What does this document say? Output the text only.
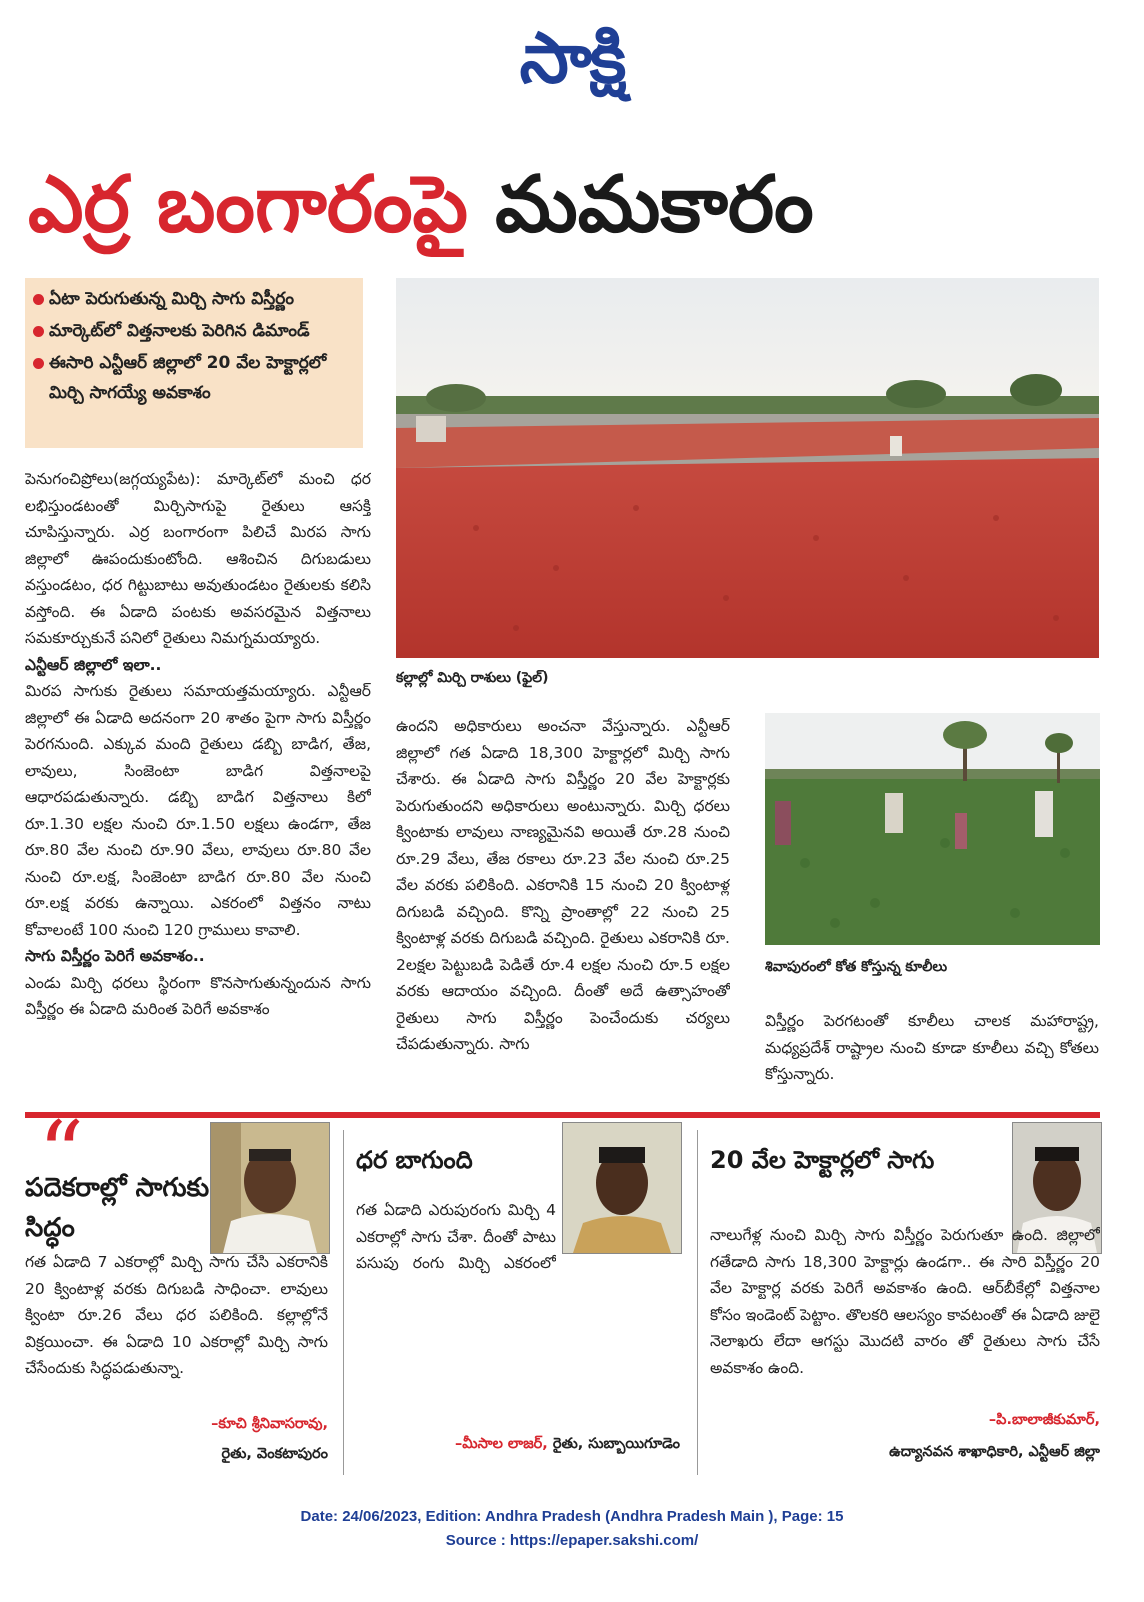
సాక్షి
ఎర్ర బంగారంపై మమకారం
ఏటా పెరుగుతున్న మిర్చి సాగు విస్తీర్ణం
మార్కెట్‌లో విత్తనాలకు పెరిగిన డిమాండ్
ఈసారి ఎన్టీఆర్‌ జిల్లాలో 20 వేల హెక్టార్లలో మిర్చి సాగయ్యే అవకాశం

పెనుగంచిప్రోలు(జగ్గయ్యపేట): మార్కెట్‌లో మంచి ధర లభిస్తుండటంతో మిర్చిసాగుపై రైతులు ఆసక్తి చూపిస్తున్నారు. ఎర్ర బంగారంగా పిలిచే మిరప సాగు జిల్లాలో ఊపందుకుంటోంది. ఆశించిన దిగుబడులు వస్తుండటం, ధర గిట్టుబాటు అవుతుండటం రైతులకు కలిసి వస్తోంది. ఈ ఏడాది పంటకు అవసరమైన విత్తనాలు సమకూర్చుకునే పనిలో రైతులు నిమగ్నమయ్యారు.

ఎన్టీఆర్‌ జిల్లాలో ఇలా..

మిరప సాగుకు రైతులు సమాయత్తమయ్యారు. ఎన్టీఆర్‌ జిల్లాలో ఈ ఏడాది అదనంగా 20 శాతం పైగా సాగు విస్తీర్ణం పెరగనుంది. ఎక్కువ మంది రైతులు డబ్బి బాడిగ, తేజ, లావులు, సింజెంటా బాడిగ విత్తనాలపై ఆధారపడుతున్నారు. డబ్బి బాడిగ విత్తనాలు కిలో రూ.1.30 లక్షల నుంచి రూ.1.50 లక్షలు ఉండగా, తేజ రూ.80 వేల నుంచి రూ.90 వేలు, లావులు రూ.80 వేల నుంచి రూ.లక్ష, సింజెంటా బాడిగ రూ.80 వేల నుంచి రూ.లక్ష వరకు ఉన్నాయి. ఎకరంలో విత్తనం నాటు కోవాలంటే 100 నుంచి 120 గ్రాములు కావాలి.

సాగు విస్తీర్ణం పెరిగే అవకాశం..

ఎండు మిర్చి ధరలు స్థిరంగా కొనసాగుతున్నందున సాగు విస్తీర్ణం ఈ ఏడాది మరింత పెరిగే అవకాశం

కల్లాల్లో మిర్చి రాశులు (ఫైల్‌)

ఉందని అధికారులు అంచనా వేస్తున్నారు. ఎన్టీఆర్‌ జిల్లాలో గత ఏడాది 18,300 హెక్టార్లలో మిర్చి సాగు చేశారు. ఈ ఏడాది సాగు విస్తీర్ణం 20 వేల హెక్టార్లకు పెరుగుతుందని అధికారులు అంటున్నారు. మిర్చి ధరలు క్వింటాకు లావులు నాణ్యమైనవి అయితే రూ.28 నుంచి రూ.29 వేలు, తేజ రకాలు రూ.23 వేల నుంచి రూ.25 వేల వరకు పలికింది. ఎకరానికి 15 నుంచి 20 క్వింటాళ్ల దిగుబడి వచ్చింది. కొన్ని ప్రాంతాల్లో 22 నుంచి 25 క్వింటాళ్ల వరకు దిగుబడి వచ్చింది. రైతులు ఎకరానికి రూ. 2లక్షల పెట్టుబడి పెడితే రూ.4 లక్షల నుంచి రూ.5 లక్షల వరకు ఆదాయం వచ్చింది. దీంతో అదే ఉత్సాహంతో రైతులు సాగు విస్తీర్ణం పెంచేందుకు చర్యలు చేపడుతున్నారు. సాగు

శివాపురంలో కోత కోస్తున్న కూలీలు

విస్తీర్ణం పెరగటంతో కూలీలు చాలక మహారాష్ట్ర, మధ్యప్రదేశ్‌ రాష్ట్రాల నుంచి కూడా కూలీలు వచ్చి కోతలు కోస్తున్నారు.

“
పదెకరాల్లో సాగుకు సిద్ధం
గత ఏడాది 7 ఎకరాల్లో మిర్చి సాగు చేసి ఎకరానికి 20 క్వింటాళ్ల వరకు దిగుబడి సాధించా. లావులు క్వింటా రూ.26 వేలు ధర పలికింది. కల్లాల్లోనే విక్రయించా. ఈ ఏడాది 10 ఎకరాల్లో మిర్చి సాగు చేసేందుకు సిద్ధపడుతున్నా.
–కూచి శ్రీనివాసరావు,
రైతు, వెంకటాపురం
ధర బాగుంది
గత ఏడాది ఎరుపురంగు మిర్చి 4 ఎకరాల్లో సాగు చేశా. దీంతో పాటు పసుపు రంగు మిర్చి ఎకరంలో
–మీసాల లాజర్, రైతు, సుబ్బాయిగూడెం
20 వేల హెక్టార్లలో సాగు
నాలుగేళ్ల నుంచి మిర్చి సాగు విస్తీర్ణం పెరుగుతూ ఉంది. జిల్లాలో గతేడాది సాగు 18,300 హెక్టార్లు ఉండగా.. ఈ సారి విస్తీర్ణం 20 వేల హెక్టార్ల వరకు పెరిగే అవకాశం ఉంది. ఆర్‌బీకేల్లో విత్తనాల కోసం ఇండెంట్‌ పెట్టాం. తొలకరి ఆలస్యం కావటంతో ఈ ఏడాది జులై నెలాఖరు లేదా ఆగస్టు మొదటి వారం తో రైతులు సాగు చేసే అవకాశం ఉంది.
–పి.బాలాజీకుమార్,
ఉద్యానవన శాఖాధికారి, ఎన్టీఆర్‌ జిల్లా
Date: 24/06/2023, Edition: Andhra Pradesh (Andhra Pradesh Main ), Page: 15
Source : https://epaper.sakshi.com/
